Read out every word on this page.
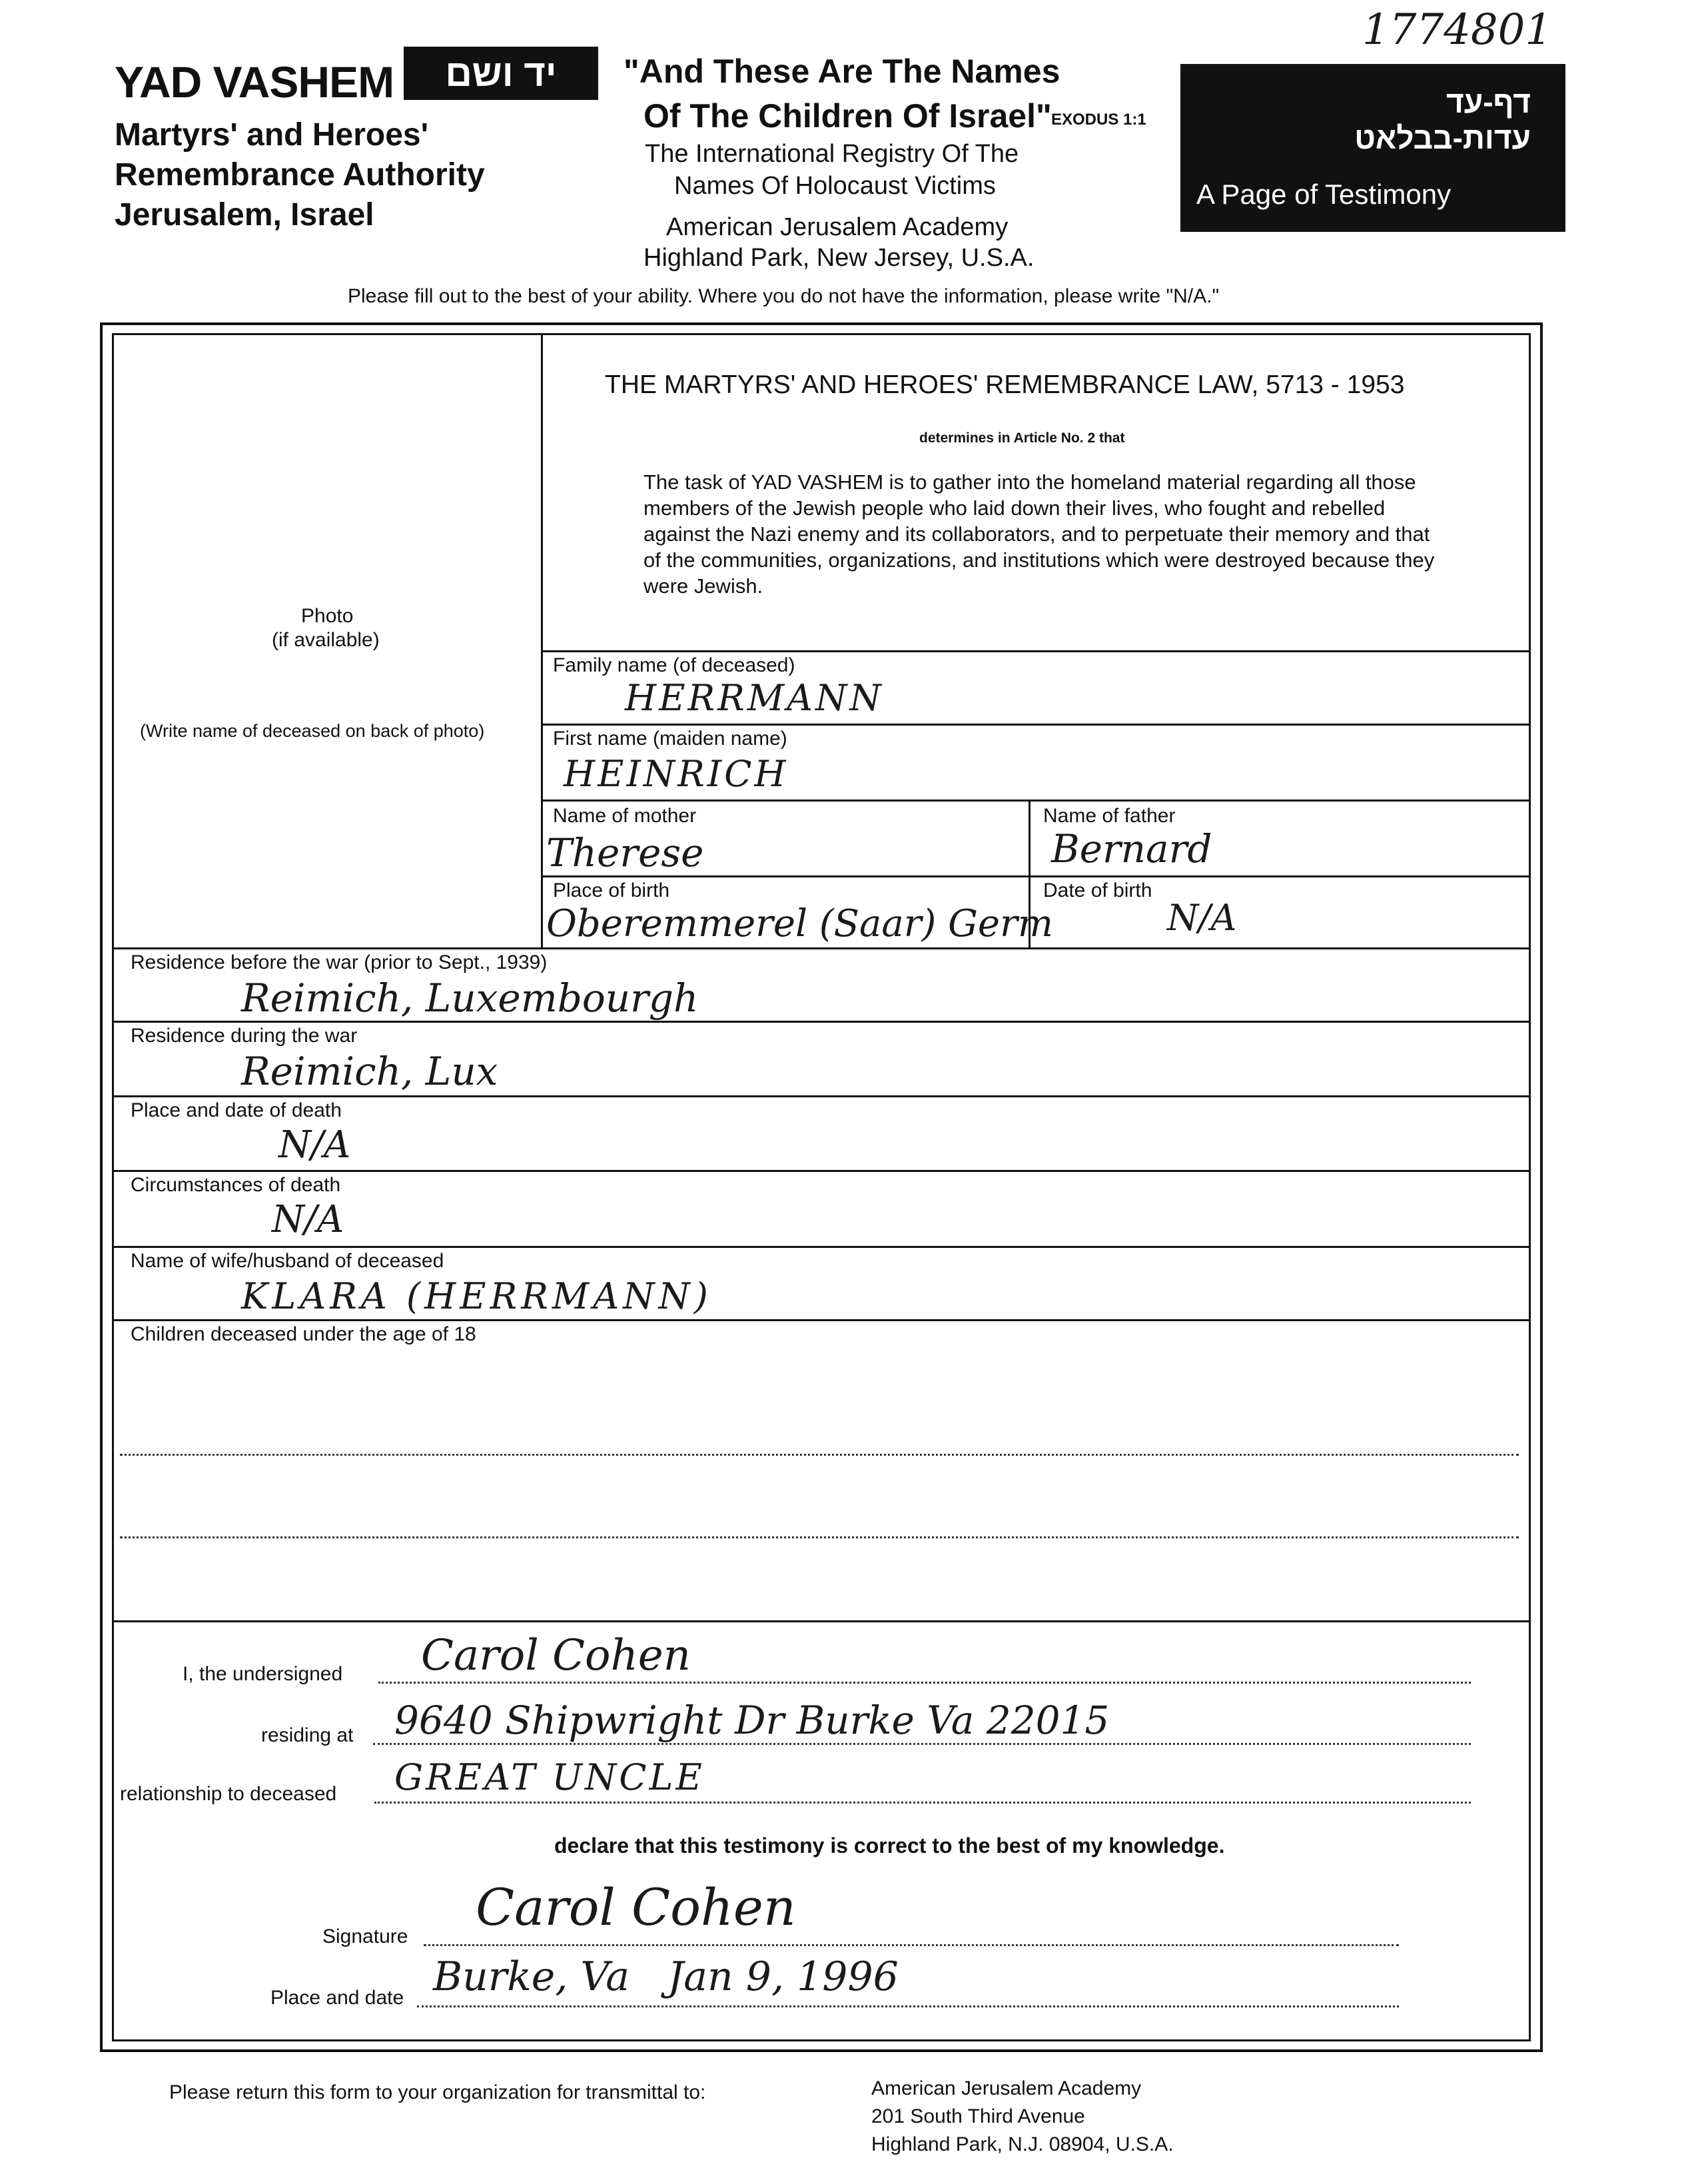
1774801
YAD VASHEM	יד ושם
Martyrs' and Heroes'
Remembrance Authority
Jerusalem, Israel
"And These Are The Names
Of The Children Of Israel" EXODUS 1:1
The International Registry Of The
Names Of Holocaust Victims
American Jerusalem Academy
Highland Park, New Jersey, U.S.A.
דף-עד
עדות-בבלאט
A Page of Testimony
Please fill out to the best of your ability. Where you do not have the information, please write "N/A."
Photo
(if available)
(Write name of deceased on back of photo)
THE MARTYRS' AND HEROES' REMEMBRANCE LAW, 5713 - 1953
determines in Article No. 2 that
The task of YAD VASHEM is to gather into the homeland material regarding all those members of the Jewish people who laid down their lives, who fought and rebelled against the Nazi enemy and its collaborators, and to perpetuate their memory and that of the communities, organizations, and institutions which were destroyed because they were Jewish.
Family name (of deceased)
HERRMANN
First name (maiden name)
HEINRICH
Name of mother
Therese
Name of father
Bernard
Place of birth
Oberemmerel (Saar) Germ
Date of birth
N/A
Residence before the war (prior to Sept., 1939)
Reimich, Luxembourgh
Residence during the war
Reimich, Lux
Place and date of death
N/A
Circumstances of death
N/A
Name of wife/husband of deceased
KLARA (HERRMANN)
Children deceased under the age of 18
I, the undersigned Carol Cohen
residing at 9640 Shipwright Dr Burke Va 22015
relationship to deceased GREAT UNCLE
declare that this testimony is correct to the best of my knowledge.
Signature Carol Cohen
Place and date Burke, Va   Jan 9, 1996
Please return this form to your organization for transmittal to:	American Jerusalem Academy
201 South Third Avenue
Highland Park, N.J. 08904, U.S.A.
